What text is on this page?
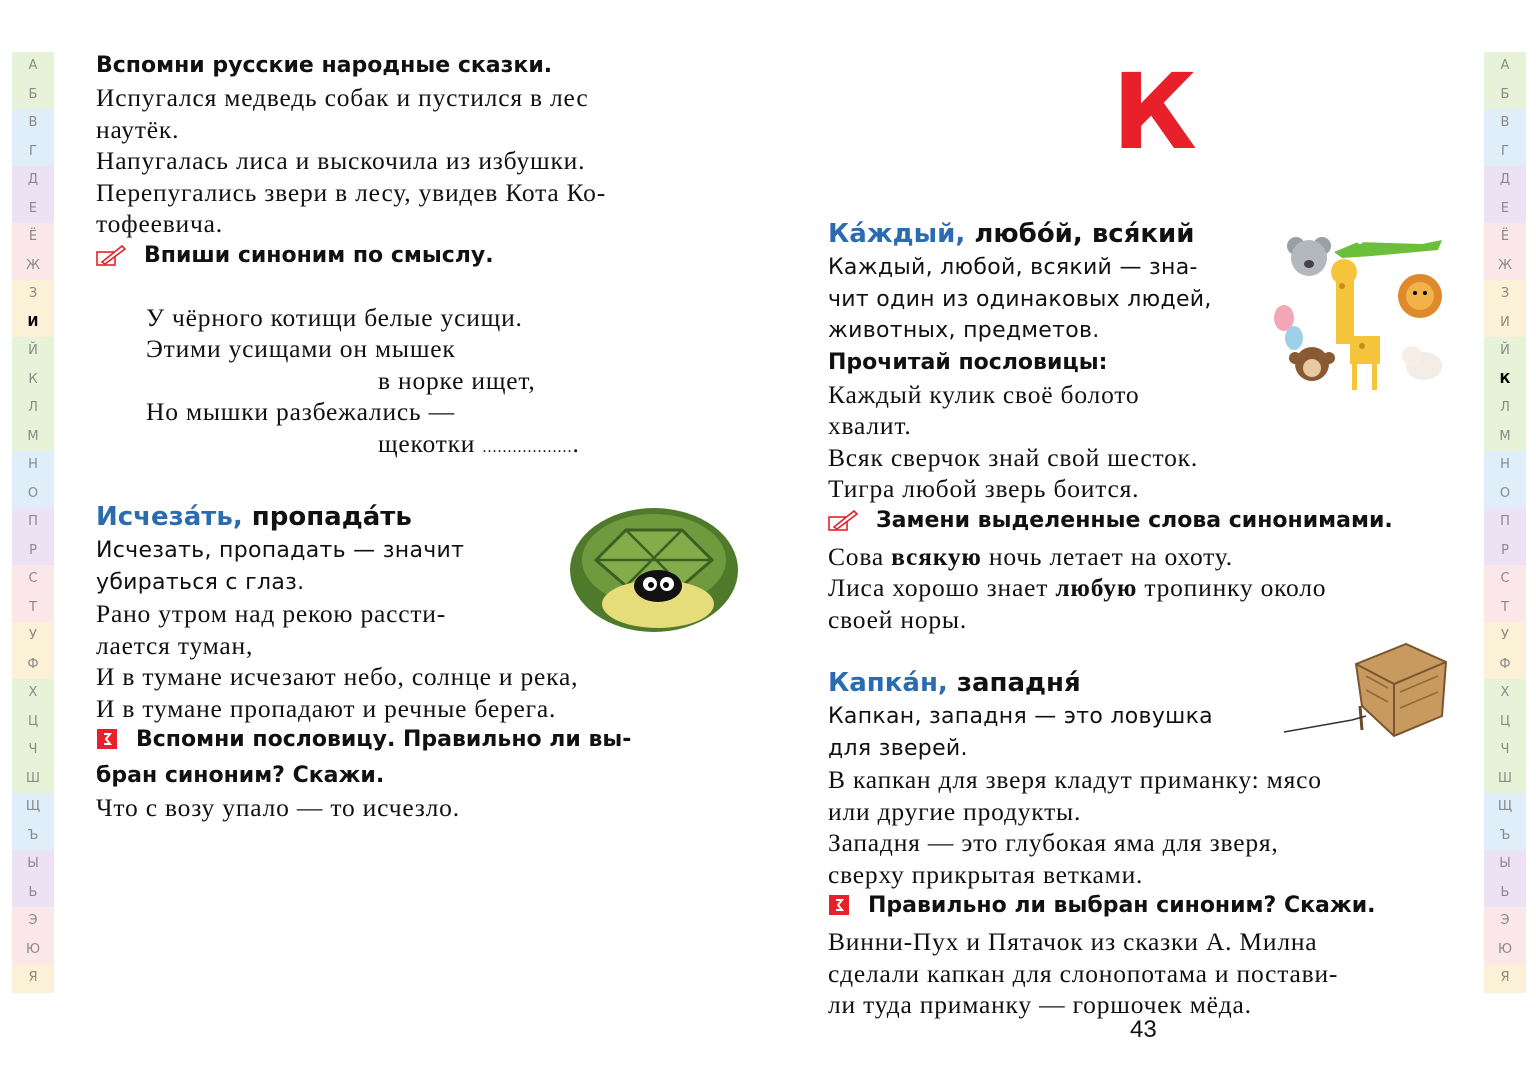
А
Б
В
Г
Д
Е
Ё
Ж
З
И
Й
К
Л
М
Н
О
П
Р
С
Т
У
Ф
Х
Ц
Ч
Ш
Щ
Ъ
Ы
Ь
Э
Ю
Я
А
Б
В
Г
Д
Е
Ё
Ж
З
И
Й
К
Л
М
Н
О
П
Р
С
Т
У
Ф
Х
Ц
Ч
Ш
Щ
Ъ
Ы
Ь
Э
Ю
Я

Вспомни русские народные сказки.

Испугался медведь собак и пустился в лес

наутёк.

Напугалась лиса и выскочила из избушки.

Перепугались звери в лесу, увидев Кота Ко-

тофеевича.

Впиши синоним по смыслу.

У чёрного котищи белые усищи.

Этими усищами он мышек

в норке ищет,

Но мышки разбежались —

щекотки ...................

Исчеза́ть, пропада́ть

Исчезать, пропадать — значит

убираться с глаз.

Рано утром над рекою рассти-

лается туман,

И в тумане исчезают небо, солнце и река,

И в тумане пропадают и речные берега.

Вспомни пословицу. Правильно ли вы-
бран синоним? Скажи.

Что с возу упало — то исчезло.

К

Ка́ждый, любо́й, вся́кий

Каждый, любой, всякий — зна-

чит один из одинаковых людей,

животных, предметов.

Прочитай пословицы:

Каждый кулик своё болото

хвалит.

Всяк сверчок знай свой шесток.

Тигра любой зверь боится.

Замени выделенные слова синонимами.

Сова всякую ночь летает на охоту.

Лиса хорошо знает любую тропинку около

своей норы.

Капка́н, западня́

Капкан, западня — это ловушка

для зверей.

В капкан для зверя кладут приманку: мясо

или другие продукты.

Западня — это глубокая яма для зверя,

сверху прикрытая ветками.

Правильно ли выбран синоним? Скажи.

Винни-Пух и Пятачок из сказки А. Милна

сделали капкан для слонопотама и постави-

ли туда приманку — горшочек мёда.

43
